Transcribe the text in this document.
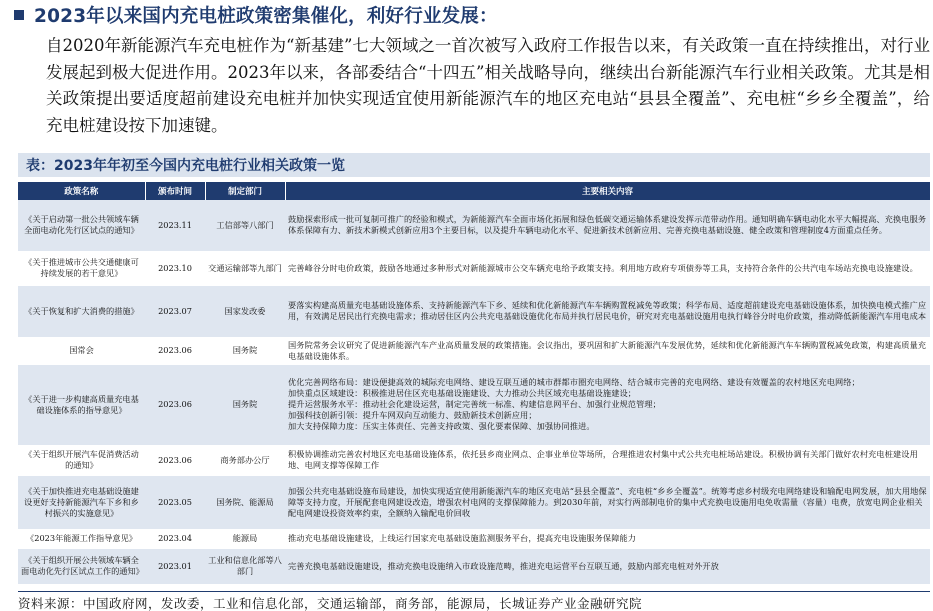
2023年以来国内充电桩政策密集催化，利好行业发展：

自2020年新能源汽车充电桩作为“新基建”七大领域之一首次被写入政府工作报告以来，有关政策一直在持续推出，对行业发展起到极大促进作用。2023年以来，各部委结合“十四五”相关战略导向，继续出台新能源汽车行业相关政策。尤其是相关政策提出要适度超前建设充电桩并加快实现适宜使用新能源汽车的地区充电站“县县全覆盖”、充电桩“乡乡全覆盖”，给充电桩建设按下加速键。

表：2023年年初至今国内充电桩行业相关政策一览
政策名称	颁布时间	制定部门	主要相关内容
《关于启动第一批公共领域车辆全面电动化先行区试点的通知》	2023.11	工信部等八部门	鼓励探索形成一批可复制可推广的经验和模式，为新能源汽车全面市场化拓展和绿色低碳交通运输体系建设发挥示范带动作用。通知明确车辆电动化水平大幅提高、充换电服务体系保障有力、新技术新模式创新应用3个主要目标，以及提升车辆电动化水平、促进新技术创新应用、完善充换电基础设施、健全政策和管理制度4方面重点任务。
《关于推进城市公共交通健康可持续发展的若干意见》	2023.10	交通运输部等九部门	完善峰谷分时电价政策，鼓励各地通过多种形式对新能源城市公交车辆充电给予政策支持。利用地方政府专项债券等工具，支持符合条件的公共汽电车场站充换电设施建设。
《关于恢复和扩大消费的措施》	2023.07	国家发改委	要落实构建高质量充电基础设施体系、支持新能源汽车下乡、延续和优化新能源汽车车辆购置税减免等政策；科学布局、适度超前建设充电基础设施体系，加快换电模式推广应用，有效满足居民出行充换电需求；推动居住区内公共充电基础设施优化布局并执行居民电价，研究对充电基础设施用电执行峰谷分时电价政策，推动降低新能源汽车用电成本
国常会	2023.06	国务院	国务院常务会议研究了促进新能源汽车产业高质量发展的政策措施。会议指出，要巩固和扩大新能源汽车发展优势，延续和优化新能源汽车车辆购置税减免政策，构建高质量充电基础设施体系。
《关于进一步构建高质量充电基础设施体系的指导意见》	2023.06	国务院	优化完善网络布局：建设便捷高效的城际充电网络、建设互联互通的城市群都市圈充电网络、结合城市完善的充电网络、建设有效覆盖的农村地区充电网络；
加快重点区域建设：积极推进居住区充电基础设施建设、大力推动公共区域充电基础设施建设；
提升运营服务水平：推动社会化建设运营，制定完善统一标准、构建信息网平台、加强行业规范管理；
加强科技创新引领：提升车网双向互动能力、鼓励新技术创新应用；
加大支持保障力度：压实主体责任、完善支持政策、强化要素保障、加强协同推进。
《关于组织开展汽车促消费活动的通知》	2023.06	商务部办公厅	积极协调推动完善农村地区充电基础设施体系，依托县乡商业网点、企事业单位等场所，合理推进农村集中式公共充电桩场站建设。积极协调有关部门做好农村充电桩建设用地、电网支撑等保障工作
《关于加快推进充电基础设施建设更好支持新能源汽车下乡和乡村振兴的实施意见》	2023.05	国务院、能源局	加强公共充电基础设施布局建设，加快实现适宜使用新能源汽车的地区充电站“县县全覆盖”、充电桩“乡乡全覆盖”。统筹考虑乡村级充电网络建设和输配电网发展，加大用地保障等支持力度，开展配套电网建设改造，增强农村电网的支撑保障能力。到2030年前，对实行两部制电价的集中式充换电设施用电免收需量（容量）电费，放宽电网企业相关配电网建设投资效率约束，全额纳入输配电价回收
《2023年能源工作指导意见》	2023.04	能源局	推动充电基础设施建设，上线运行国家充电基础设施监测服务平台，提高充电设施服务保障能力
《关于组织开展公共领域车辆全面电动化先行区试点工作的通知》	2023.01	工业和信息化部等八部门	完善充换电基础设施建设，推动充换电设施纳入市政设施范畴，推进充电运营平台互联互通，鼓励内部充电桩对外开放
资料来源：中国政府网，发改委，工业和信息化部，交通运输部，商务部，能源局，长城证券产业金融研究院
